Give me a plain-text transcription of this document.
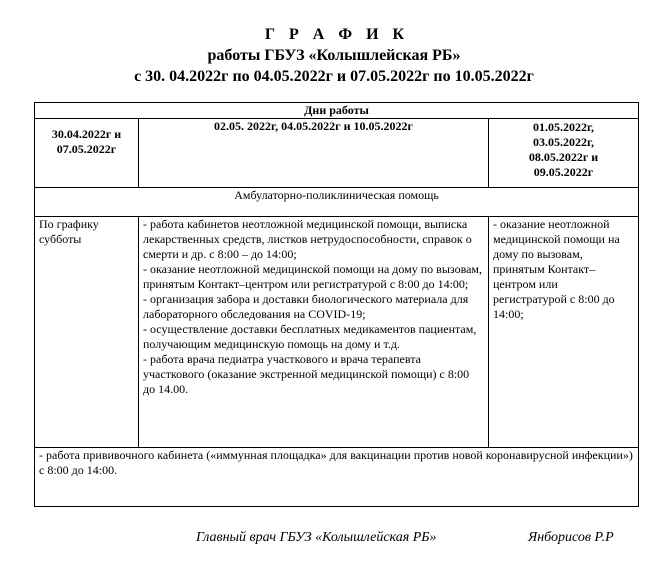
Г Р А Ф И К
работы ГБУЗ «Колышлейская РБ»
с 30. 04.2022г по 04.05.2022г и 07.05.2022г по 10.05.2022г
Дни работы		
30.04.2022г и 07.05.2022г	02.05. 2022г, 04.05.2022г и 10.05.2022г	01.05.2022г,
03.05.2022г,
08.05.2022г и
09.05.2022г

Амбулаторно-поликлиническая помощь		
По графику субботы	- работа кабинетов неотложной медицинской помощи, выписка лекарственных средств, листков нетрудоспособности, справок о смерти и др. с 8:00 – до 14:00;
- оказание неотложной медицинской помощи на дому по вызовам, принятым Контакт–центром или регистратурой с 8:00 до 14:00;
- организация забора и доставки биологического материала для лабораторного обследования на COVID-19;
- осуществление доставки бесплатных медикаментов пациентам, получающим медицинскую помощь на дому и т.д.
- работа врача педиатра участкового и врача терапевта участкового (оказание экстренной медицинской помощи) с 8:00 до 14.00.	- оказание неотложной медицинской помощи на дому по вызовам, принятым Контакт–центром или регистратурой с 8:00 до 14:00;
- работа прививочного кабинета («иммунная площадка» для вакцинации против новой коронавирусной инфекции») с 8:00 до 14:00.		
Главный врач ГБУЗ «Колышлейская РБ»	Янборисов Р.Р
